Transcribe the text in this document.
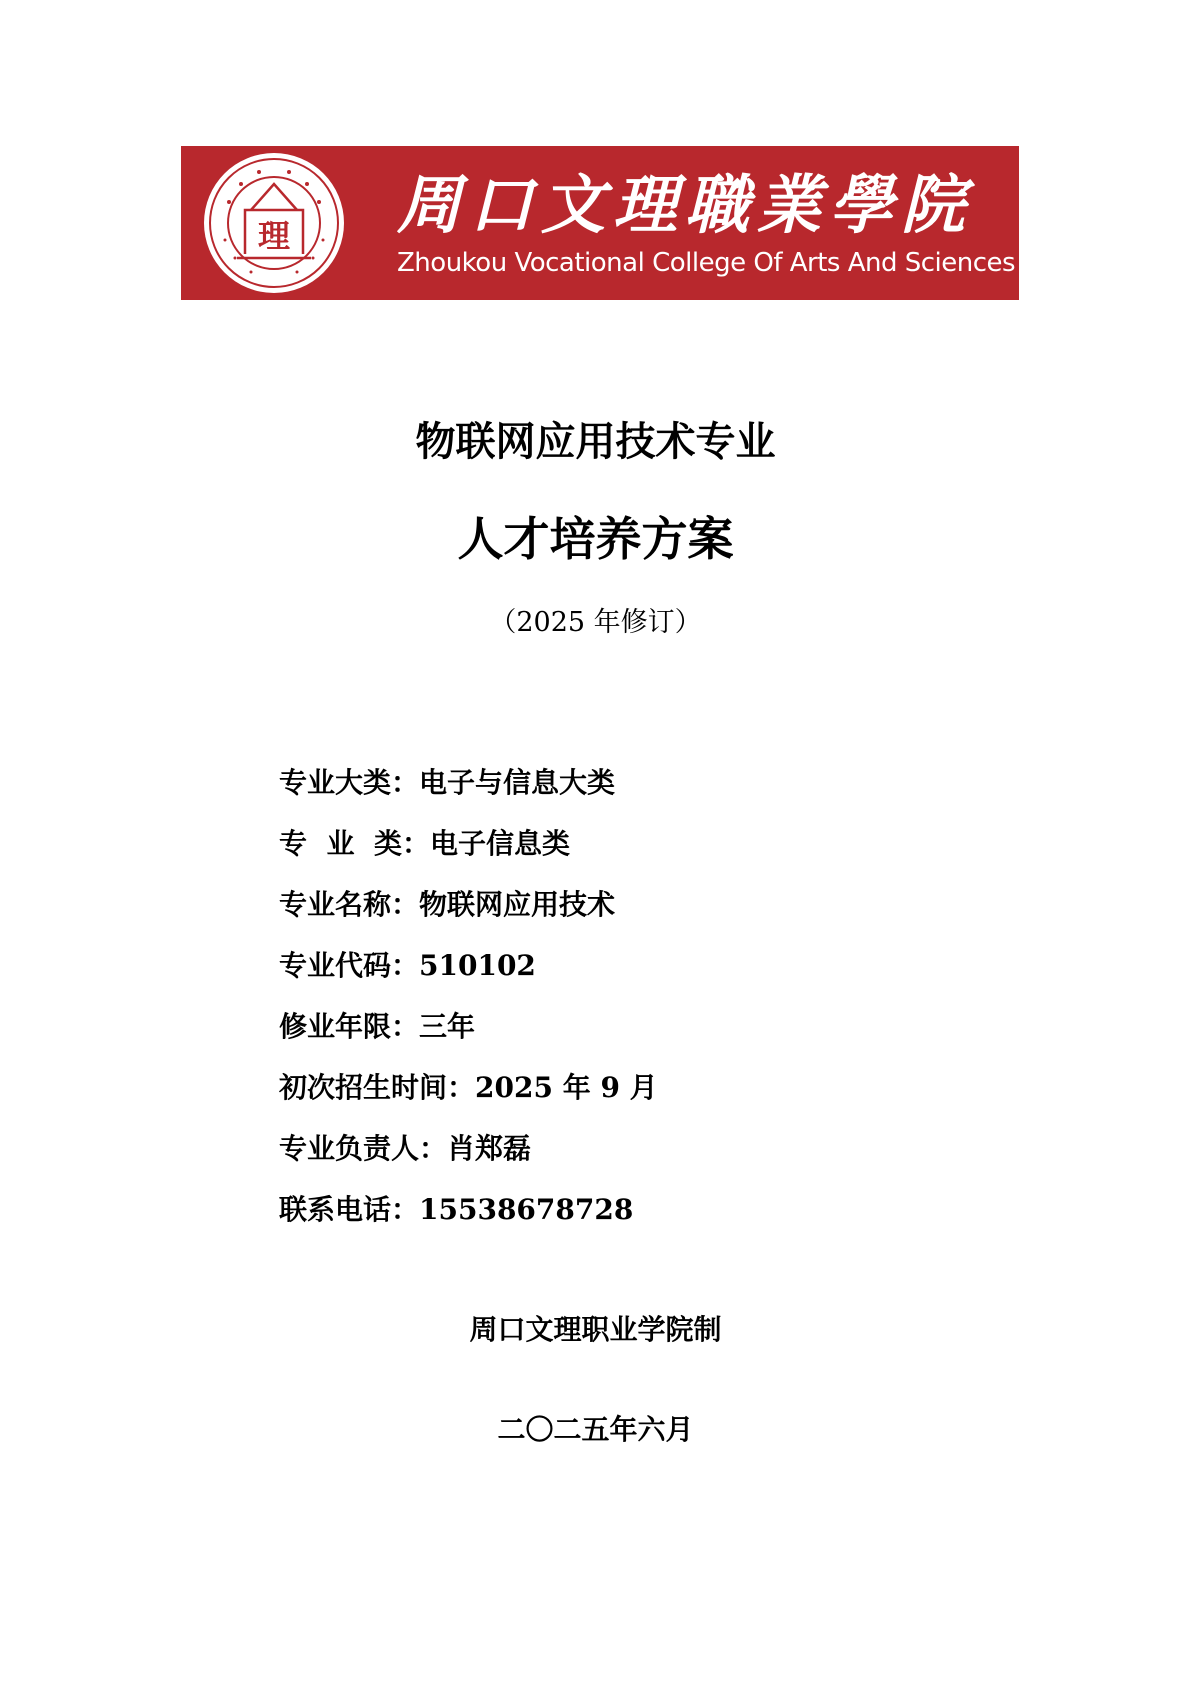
理 周口文理職業學院
Zhoukou Vocational College Of Arts And Sciences
物联网应用技术专业
人才培养方案
（2025 年修订）
专业大类：电子与信息大类
专  业  类：电子信息类
专业名称：物联网应用技术
专业代码：510102
修业年限：三年
初次招生时间：2025 年 9 月
专业负责人：肖郑磊
联系电话：15538678728
周口文理职业学院制
二〇二五年六月
